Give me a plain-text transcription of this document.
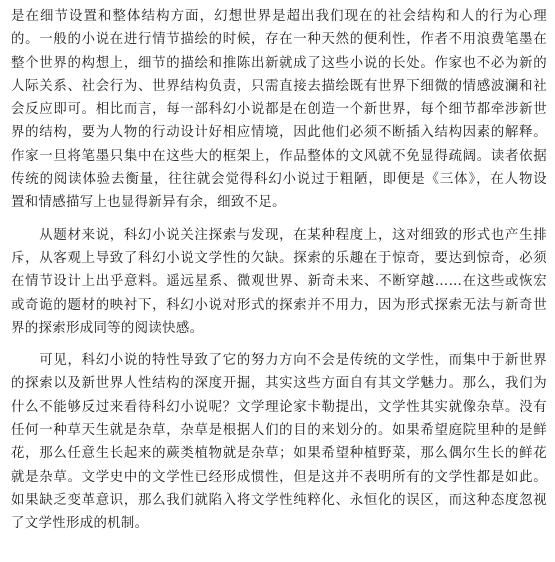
是在细节设置和整体结构方面，幻想世界是超出我们现在的社会结构和人的行为心理
的。一般的小说在进行情节描绘的时候，存在一种天然的便利性，作者不用浪费笔墨在
整个世界的构想上，细节的描绘和推陈出新就成了这些小说的长处。作家也不必为新的
人际关系、社会行为、世界结构负责，只需直接去描绘既有世界下细微的情感波澜和社
会反应即可。相比而言，每一部科幻小说都是在创造一个新世界，每个细节都牵涉新世
界的结构，要为人物的行动设计好相应情境，因此他们必须不断插入结构因素的解释。
作家一旦将笔墨只集中在这些大的框架上，作品整体的文风就不免显得疏阔。读者依据
传统的阅读体验去衡量，往往就会觉得科幻小说过于粗陋，即便是《三体》，在人物设
置和情感描写上也显得新异有余，细致不足。
　　从题材来说，科幻小说关注探索与发现，在某种程度上，这对细致的形式也产生排
斥，从客观上导致了科幻小说文学性的欠缺。探索的乐趣在于惊奇，要达到惊奇，必须
在情节设计上出乎意料。遥远星系、微观世界、新奇未来、不断穿越……在这些或恢宏
或奇诡的题材的映衬下，科幻小说对形式的探索并不用力，因为形式探索无法与新奇世
界的探索形成同等的阅读快感。
　　可见，科幻小说的特性导致了它的努力方向不会是传统的文学性，而集中于新世界
的探索以及新世界人性结构的深度开掘，其实这些方面自有其文学魅力。那么，我们为
什么不能够反过来看待科幻小说呢？文学理论家卡勒提出，文学性其实就像杂草。没有
任何一种草天生就是杂草，杂草是根据人们的目的来划分的。如果希望庭院里种的是鲜
花，那么任意生长起来的蕨类植物就是杂草；如果希望种植野菜，那么偶尔生长的鲜花
就是杂草。文学史中的文学性已经形成惯性，但是这并不表明所有的文学性都是如此。
如果缺乏变革意识，那么我们就陷入将文学性纯粹化、永恒化的误区，而这种态度忽视
了文学性形成的机制。
